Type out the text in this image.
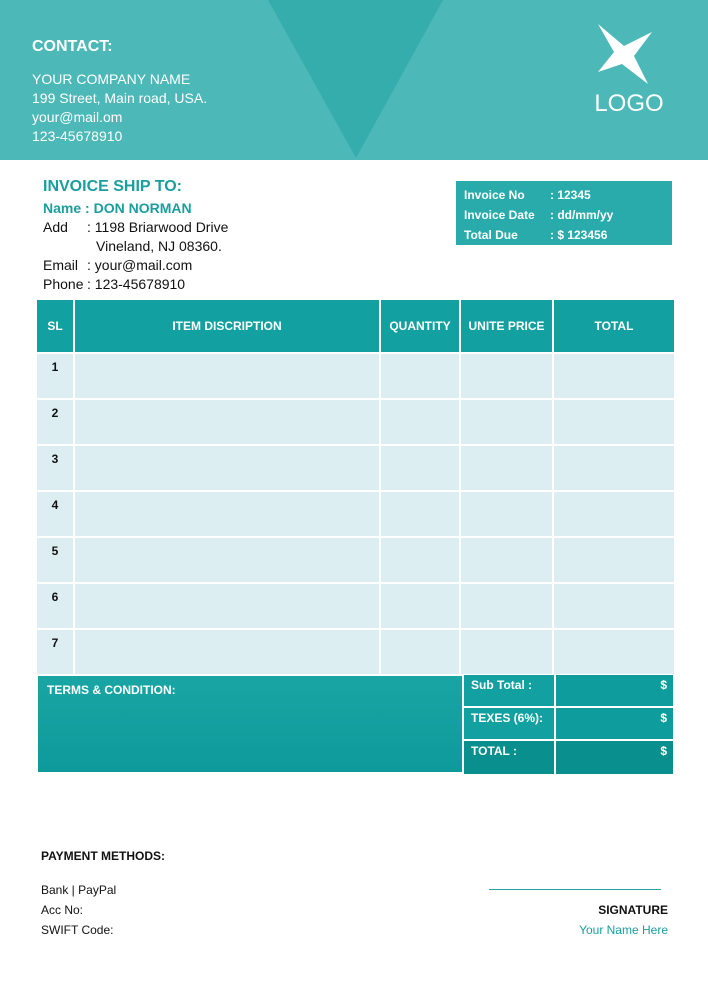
CONTACT:
YOUR COMPANY NAME
199 Street, Main road, USA.
your@mail.om
123-45678910
LOGO
INVOICE SHIP TO:
Name :
DON NORMAN
Add	: 1198 Briarwood Drive
Vineland, NJ 08360.
Email : your@mail.com
Phone : 123-45678910
Invoice No	: 12345
Invoice Date	: dd/mm/yy
Total Due	: $ 123456
SL	ITEM DISCRIPTION	QUANTITY	UNITE PRICE	TOTAL
1				
2				
3				
4				
5				
6				
7				
TERMS & CONDITION:	Sub Total :	$
TEXES (6%):	$
TOTAL :	$
PAYMENT METHODS:
Bank | PayPal
Acc No:
SWIFT Code:
SIGNATURE
Your Name Here
